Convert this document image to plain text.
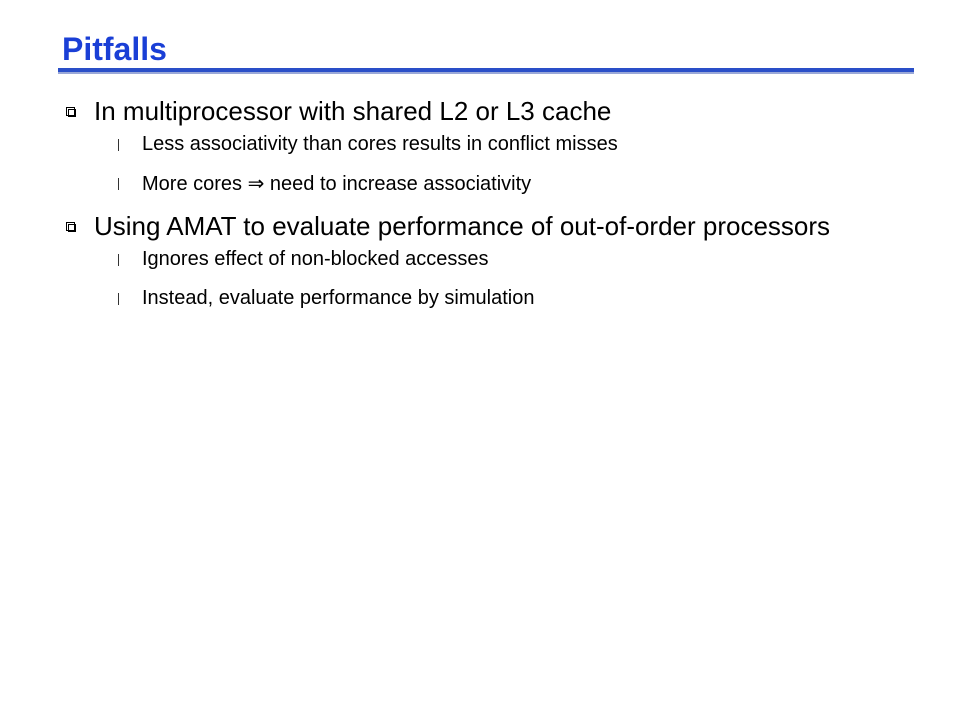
Pitfalls
In multiprocessor with shared L2 or L3 cache
Less associativity than cores results in conflict misses
More cores ⇒ need to increase associativity
Using AMAT to evaluate performance of out-of-order processors
Ignores effect of non-blocked accesses
Instead, evaluate performance by simulation
